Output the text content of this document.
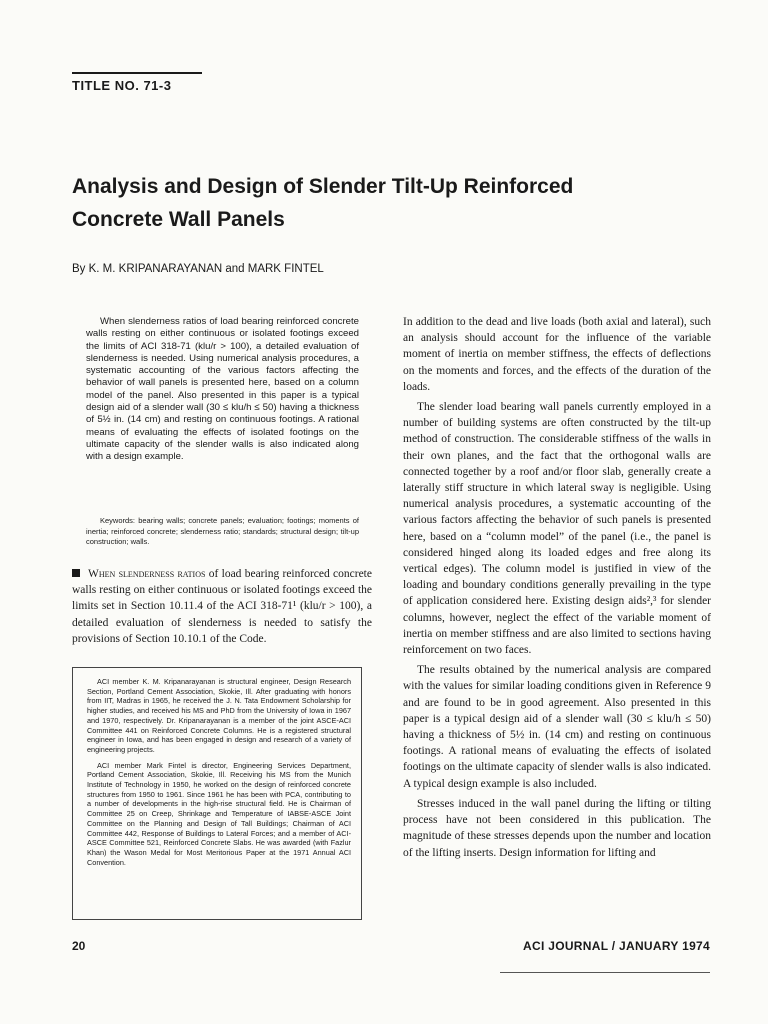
TITLE NO. 71-3
Analysis and Design of Slender Tilt-Up Reinforced Concrete Wall Panels
By K. M. KRIPANARAYANAN and MARK FINTEL

When slenderness ratios of load bearing reinforced concrete walls resting on either continuous or isolated footings exceed the limits of ACI 318-71 (klu/r > 100), a detailed evaluation of slenderness is needed. Using numerical analysis procedures, a systematic accounting of the various factors affecting the behavior of wall panels is presented here, based on a column model of the panel. Also presented in this paper is a typical design aid of a slender wall (30 ≤ klu/h ≤ 50) having a thickness of 5½ in. (14 cm) and resting on continuous footings. A rational means of evaluating the effects of isolated footings on the ultimate capacity of the slender walls is also indicated along with a design example.

Keywords: bearing walls; concrete panels; evaluation; footings; moments of inertia; reinforced concrete; slenderness ratio; standards; structural design; tilt-up construction; walls.

When slenderness ratios of load bearing reinforced concrete walls resting on either continuous or isolated footings exceed the limits set in Section 10.11.4 of the ACI 318-71¹ (klu/r > 100), a detailed evaluation of slenderness is needed to satisfy the provisions of Section 10.10.1 of the Code.

ACI member K. M. Kripanarayanan is structural engineer, Design Research Section, Portland Cement Association, Skokie, Ill. After graduating with honors from IIT, Madras in 1965, he received the J. N. Tata Endowment Scholarship for higher studies, and received his MS and PhD from the University of Iowa in 1967 and 1970, respectively. Dr. Kripanarayanan is a member of the joint ASCE-ACI Committee 441 on Reinforced Concrete Columns. He is a registered structural engineer in Iowa, and has been engaged in design and research of a variety of engineering projects.

ACI member Mark Fintel is director, Engineering Services Department, Portland Cement Association, Skokie, Ill. Receiving his MS from the Munich Institute of Technology in 1950, he worked on the design of reinforced concrete structures from 1950 to 1961. Since 1961 he has been with PCA, contributing to a number of developments in the high-rise structural field. He is Chairman of Committee 25 on Creep, Shrinkage and Temperature of IABSE-ASCE Joint Committee on the Planning and Design of Tall Buildings; Chairman of ACI Committee 442, Response of Buildings to Lateral Forces; and a member of ACI-ASCE Committee 521, Reinforced Concrete Slabs. He was awarded (with Fazlur Khan) the Wason Medal for Most Meritorious Paper at the 1971 Annual ACI Convention.

In addition to the dead and live loads (both axial and lateral), such an analysis should account for the influence of the variable moment of inertia on member stiffness, the effects of deflections on the moments and forces, and the effects of the duration of the loads.

The slender load bearing wall panels currently employed in a number of building systems are often constructed by the tilt-up method of construction. The considerable stiffness of the walls in their own planes, and the fact that the orthogonal walls are connected together by a roof and/or floor slab, generally create a laterally stiff structure in which lateral sway is negligible. Using numerical analysis procedures, a systematic accounting of the various factors affecting the behavior of such panels is presented here, based on a “column model” of the panel (i.e., the panel is considered hinged along its loaded edges and free along its vertical edges). The column model is justified in view of the loading and boundary conditions generally prevailing in the type of application considered here. Existing design aids²,³ for slender columns, however, neglect the effect of the variable moment of inertia on member stiffness and are also limited to sections having reinforcement on two faces.

The results obtained by the numerical analysis are compared with the values for similar loading conditions given in Reference 9 and are found to be in good agreement. Also presented in this paper is a typical design aid of a slender wall (30 ≤ klu/h ≤ 50) having a thickness of 5½ in. (14 cm) and resting on continuous footings. A rational means of evaluating the effects of isolated footings on the ultimate capacity of slender walls is also indicated. A typical design example is also included.

Stresses induced in the wall panel during the lifting or tilting process have not been considered in this publication. The magnitude of these stresses depends upon the number and location of the lifting inserts. Design information for lifting and

20	ACI JOURNAL / JANUARY 1974
